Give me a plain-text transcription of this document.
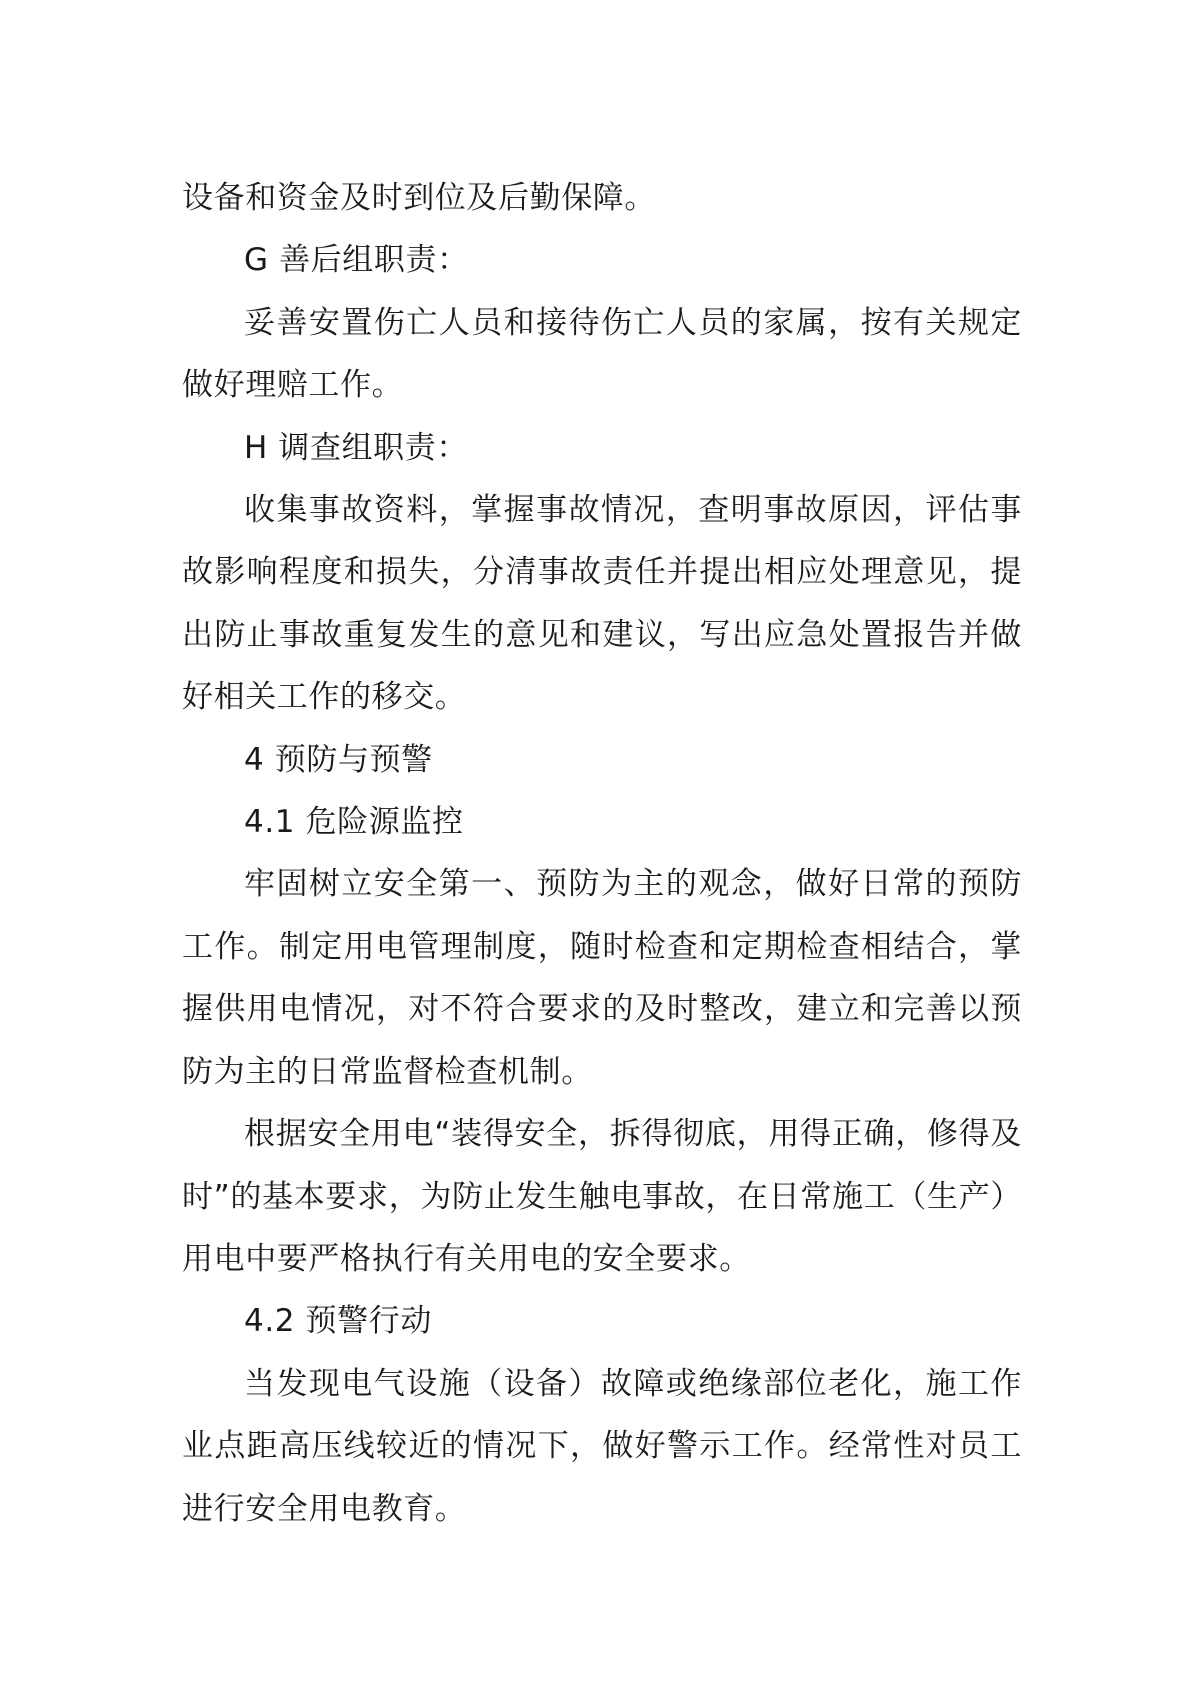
设备和资金及时到位及后勤保障。

G 善后组职责：

妥善安置伤亡人员和接待伤亡人员的家属，按有关规定做好理赔工作。

H 调查组职责：

收集事故资料，掌握事故情况，查明事故原因，评估事故影响程度和损失，分清事故责任并提出相应处理意见，提出防止事故重复发生的意见和建议，写出应急处置报告并做好相关工作的移交。

4 预防与预警

4.1 危险源监控

牢固树立安全第一、预防为主的观念，做好日常的预防工作。制定用电管理制度，随时检查和定期检查相结合，掌握供用电情况，对不符合要求的及时整改，建立和完善以预防为主的日常监督检查机制。

根据安全用电“装得安全，拆得彻底，用得正确，修得及时”的基本要求，为防止发生触电事故，在日常施工（生产）用电中要严格执行有关用电的安全要求。

4.2 预警行动

当发现电气设施（设备）故障或绝缘部位老化，施工作业点距高压线较近的情况下，做好警示工作。经常性对员工进行安全用电教育。
